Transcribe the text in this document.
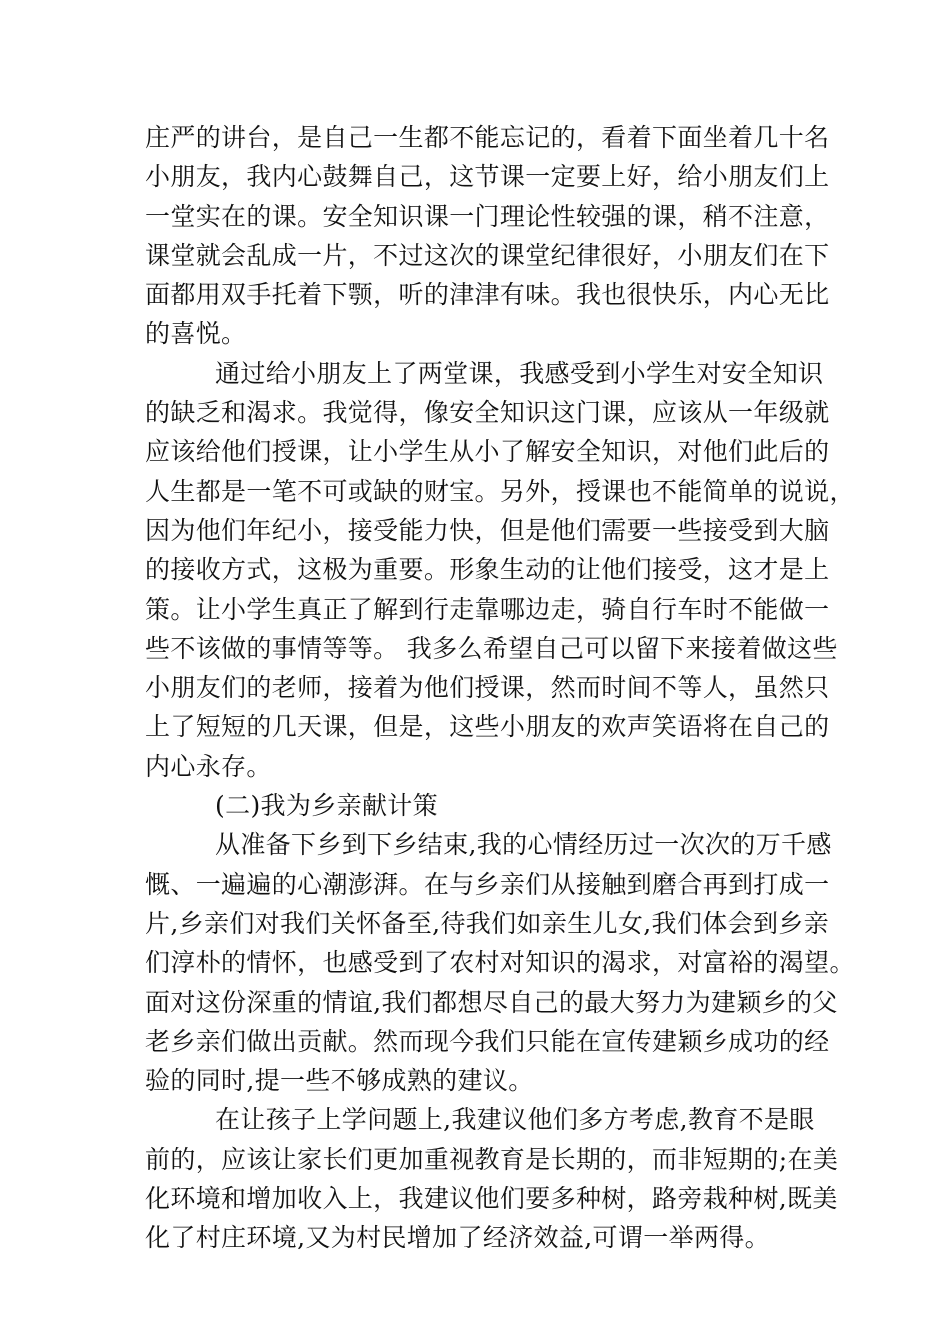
庄严的讲台，是自己一生都不能忘记的，看着下面坐着几十名
小朋友，我内心鼓舞自己，这节课一定要上好，给小朋友们上
一堂实在的课。安全知识课一门理论性较强的课，稍不注意，
课堂就会乱成一片，不过这次的课堂纪律很好，小朋友们在下
面都用双手托着下颚，听的津津有味。我也很快乐，内心无比
的喜悦。
通过给小朋友上了两堂课，我感受到小学生对安全知识
的缺乏和渴求。我觉得，像安全知识这门课，应该从一年级就
应该给他们授课，让小学生从小了解安全知识，对他们此后的
人生都是一笔不可或缺的财宝。另外，授课也不能简单的说说，
因为他们年纪小，接受能力快，但是他们需要一些接受到大脑
的接收方式，这极为重要。形象生动的让他们接受，这才是上
策。让小学生真正了解到行走靠哪边走，骑自行车时不能做一
些不该做的事情等等。 我多么希望自己可以留下来接着做这些
小朋友们的老师，接着为他们授课，然而时间不等人，虽然只
上了短短的几天课，但是，这些小朋友的欢声笑语将在自己的
内心永存。
(二)我为乡亲献计策
从准备下乡到下乡结束,我的心情经历过一次次的万千感
慨、一遍遍的心潮澎湃。在与乡亲们从接触到磨合再到打成一
片,乡亲们对我们关怀备至,待我们如亲生儿女,我们体会到乡亲
们淳朴的情怀，也感受到了农村对知识的渴求，对富裕的渴望。
面对这份深重的情谊,我们都想尽自己的最大努力为建颖乡的父
老乡亲们做出贡献。然而现今我们只能在宣传建颖乡成功的经
验的同时,提一些不够成熟的建议。
在让孩子上学问题上,我建议他们多方考虑,教育不是眼
前的，应该让家长们更加重视教育是长期的，而非短期的;在美
化环境和增加收入上，我建议他们要多种树，路旁栽种树,既美
化了村庄环境,又为村民增加了经济效益,可谓一举两得。
